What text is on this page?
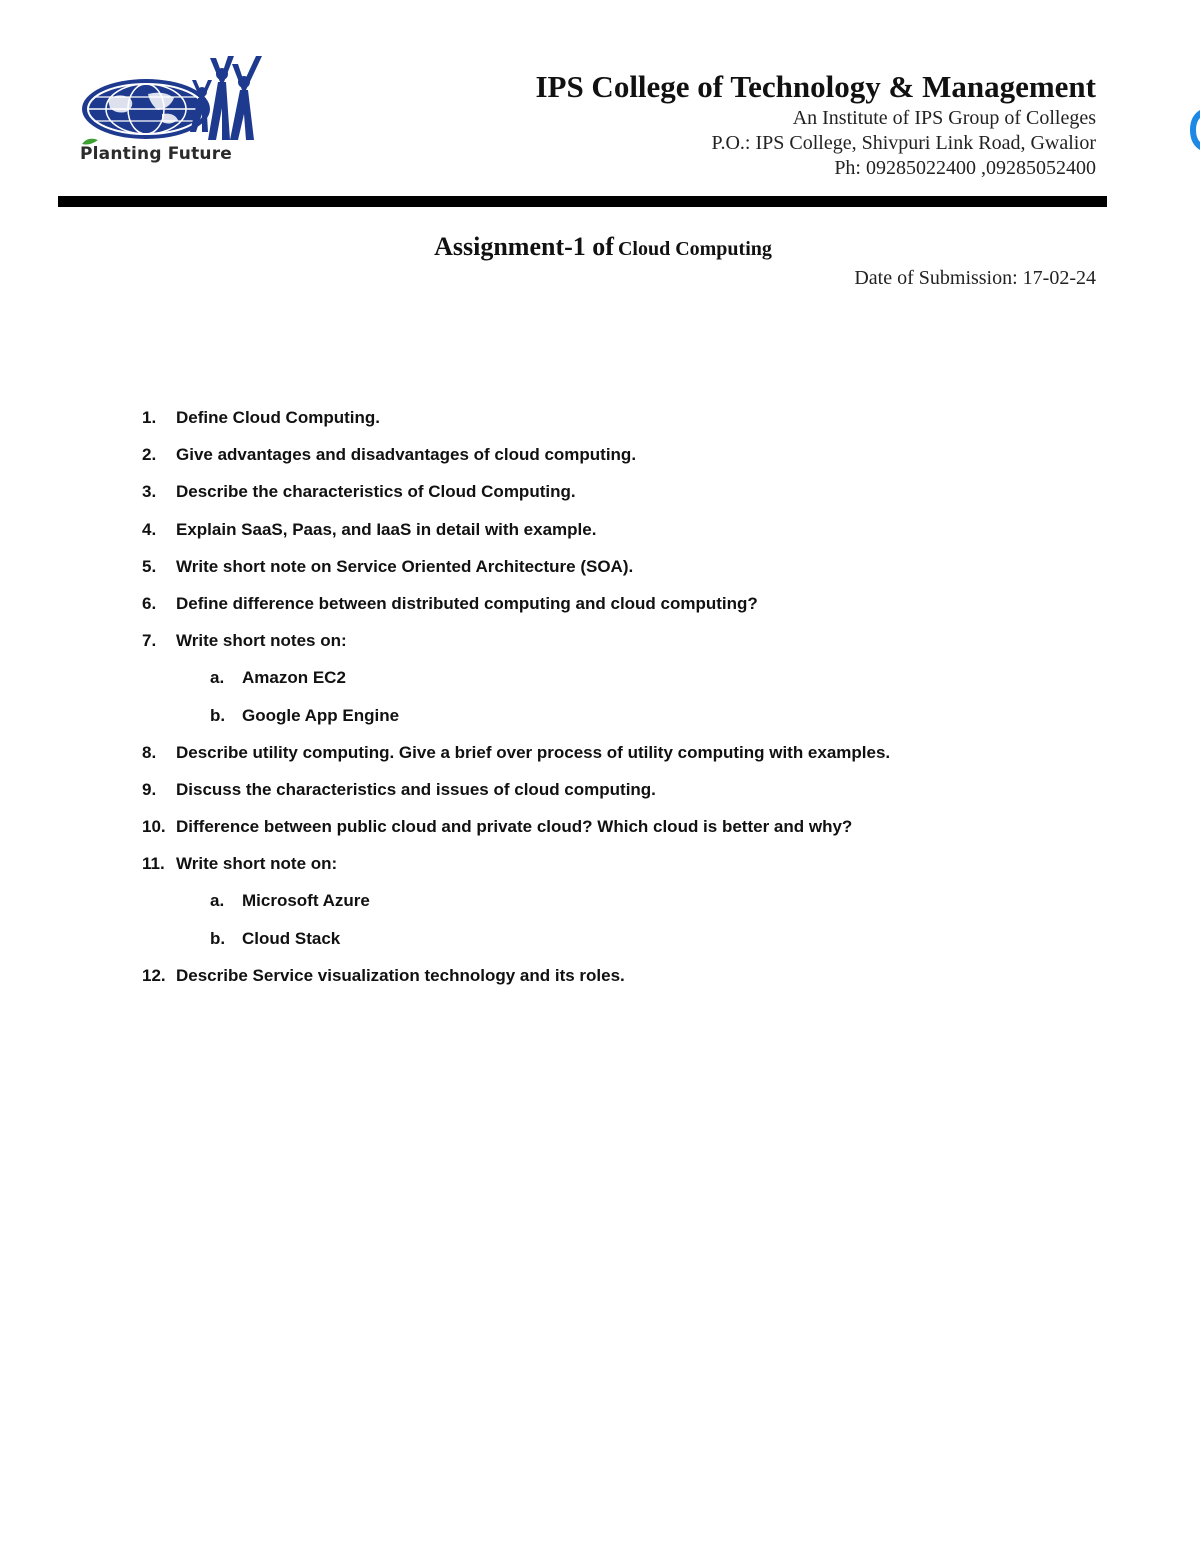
Planting Future
IPS College of Technology & Management
An Institute of IPS Group of Colleges
P.O.: IPS College, Shivpuri Link Road, Gwalior
Ph: 09285022400 ,09285052400
Assignment-1 of Cloud Computing
Date of Submission: 17-02-24
1. Define Cloud Computing.
2. Give advantages and disadvantages of cloud computing.
3. Describe the characteristics of Cloud Computing.
4. Explain SaaS, Paas, and IaaS in detail with example.
5. Write short note on Service Oriented Architecture (SOA).
6. Define difference between distributed computing and cloud computing?
7. Write short notes on:
a. Amazon EC2
b. Google App Engine
8. Describe utility computing. Give a brief over process of utility computing with examples.
9. Discuss the characteristics and issues of cloud computing.
10. Difference between public cloud and private cloud? Which cloud is better and why?
11. Write short note on:
a. Microsoft Azure
b. Cloud Stack
12. Describe Service visualization technology and its roles.
